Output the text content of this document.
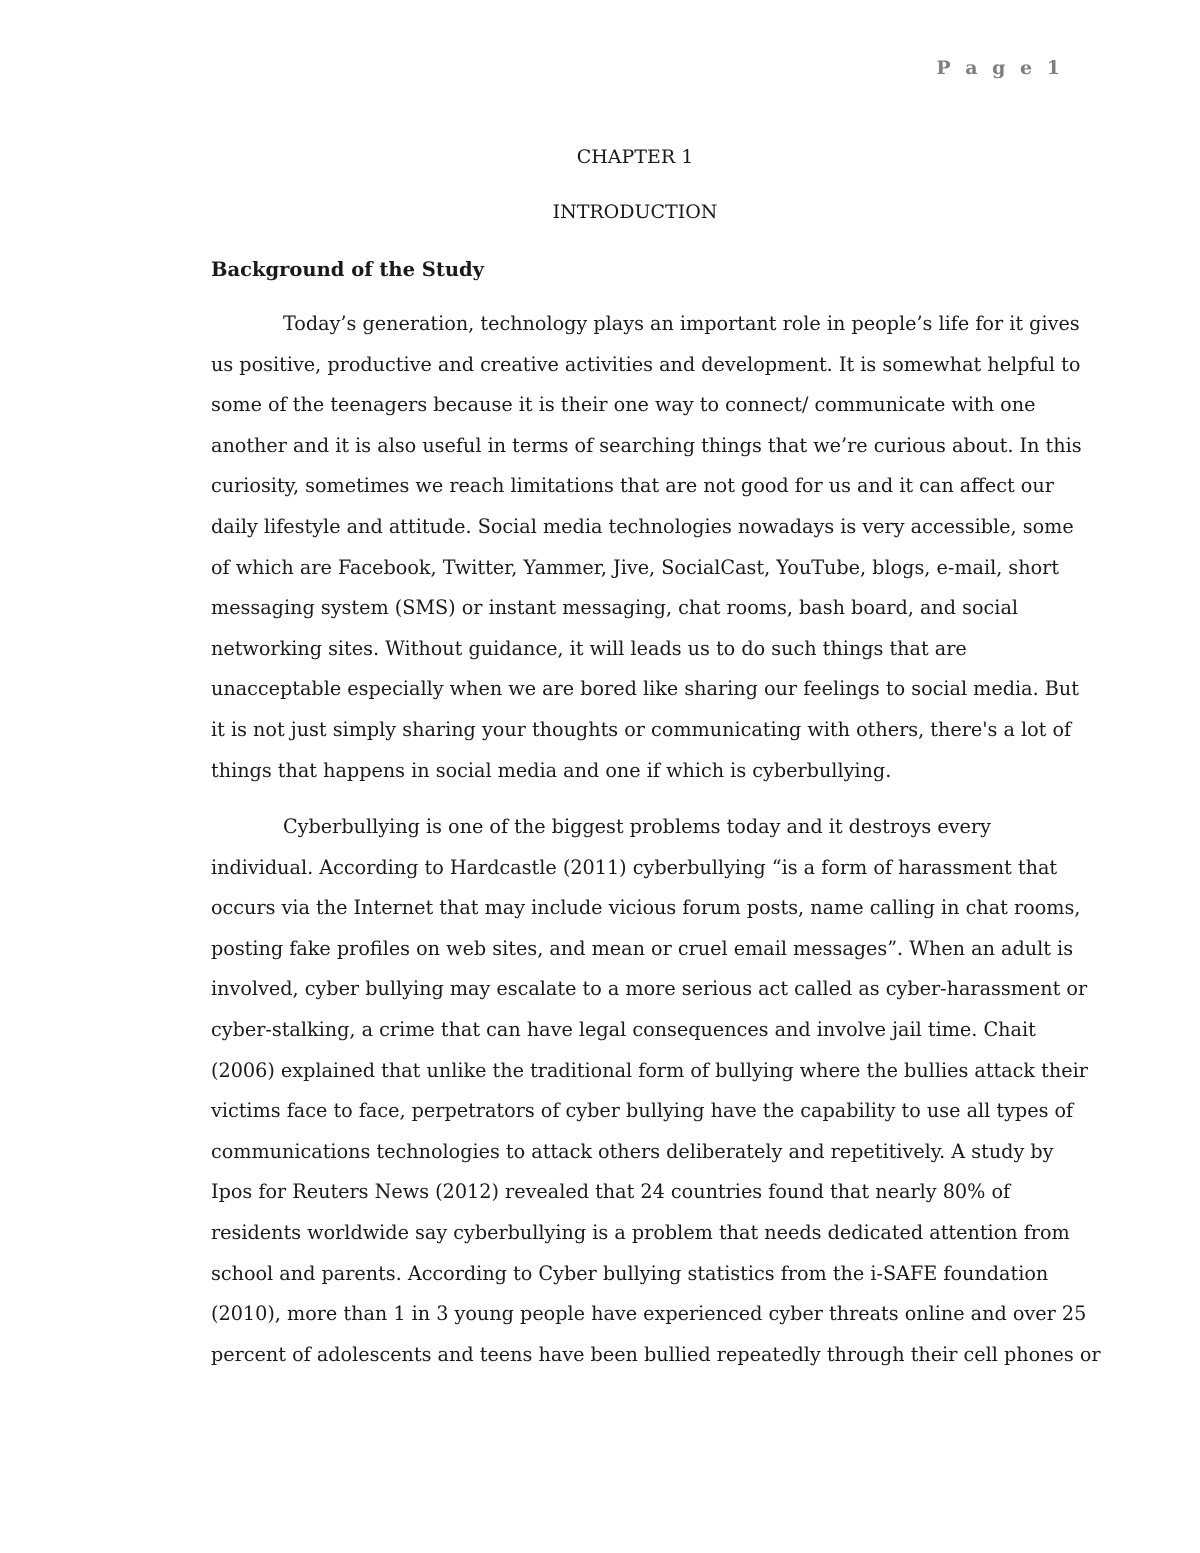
P a g e 1
CHAPTER 1
INTRODUCTION
Background of the Study
Today’s generation, technology plays an important role in people’s life for it gives
us positive, productive and creative activities and development. It is somewhat helpful to
some of the teenagers because it is their one way to connect/ communicate with one
another and it is also useful in terms of searching things that we’re curious about. In this
curiosity, sometimes we reach limitations that are not good for us and it can affect our
daily lifestyle and attitude. Social media technologies nowadays is very accessible, some
of which are Facebook, Twitter, Yammer, Jive, SocialCast, YouTube, blogs, e-mail, short
messaging system (SMS) or instant messaging, chat rooms, bash board, and social
networking sites. Without guidance, it will leads us to do such things that are
unacceptable especially when we are bored like sharing our feelings to social media. But
it is not just simply sharing your thoughts or communicating with others, there's a lot of
things that happens in social media and one if which is cyberbullying.
Cyberbullying is one of the biggest problems today and it destroys every
individual. According to Hardcastle (2011) cyberbullying “is a form of harassment that
occurs via the Internet that may include vicious forum posts, name calling in chat rooms,
posting fake profiles on web sites, and mean or cruel email messages”. When an adult is
involved, cyber bullying may escalate to a more serious act called as cyber-harassment or
cyber-stalking, a crime that can have legal consequences and involve jail time. Chait
(2006) explained that unlike the traditional form of bullying where the bullies attack their
victims face to face, perpetrators of cyber bullying have the capability to use all types of
communications technologies to attack others deliberately and repetitively. A study by
Ipos for Reuters News (2012) revealed that 24 countries found that nearly 80% of
residents worldwide say cyberbullying is a problem that needs dedicated attention from
school and parents. According to Cyber bullying statistics from the i-SAFE foundation
(2010), more than 1 in 3 young people have experienced cyber threats online and over 25
percent of adolescents and teens have been bullied repeatedly through their cell phones or
